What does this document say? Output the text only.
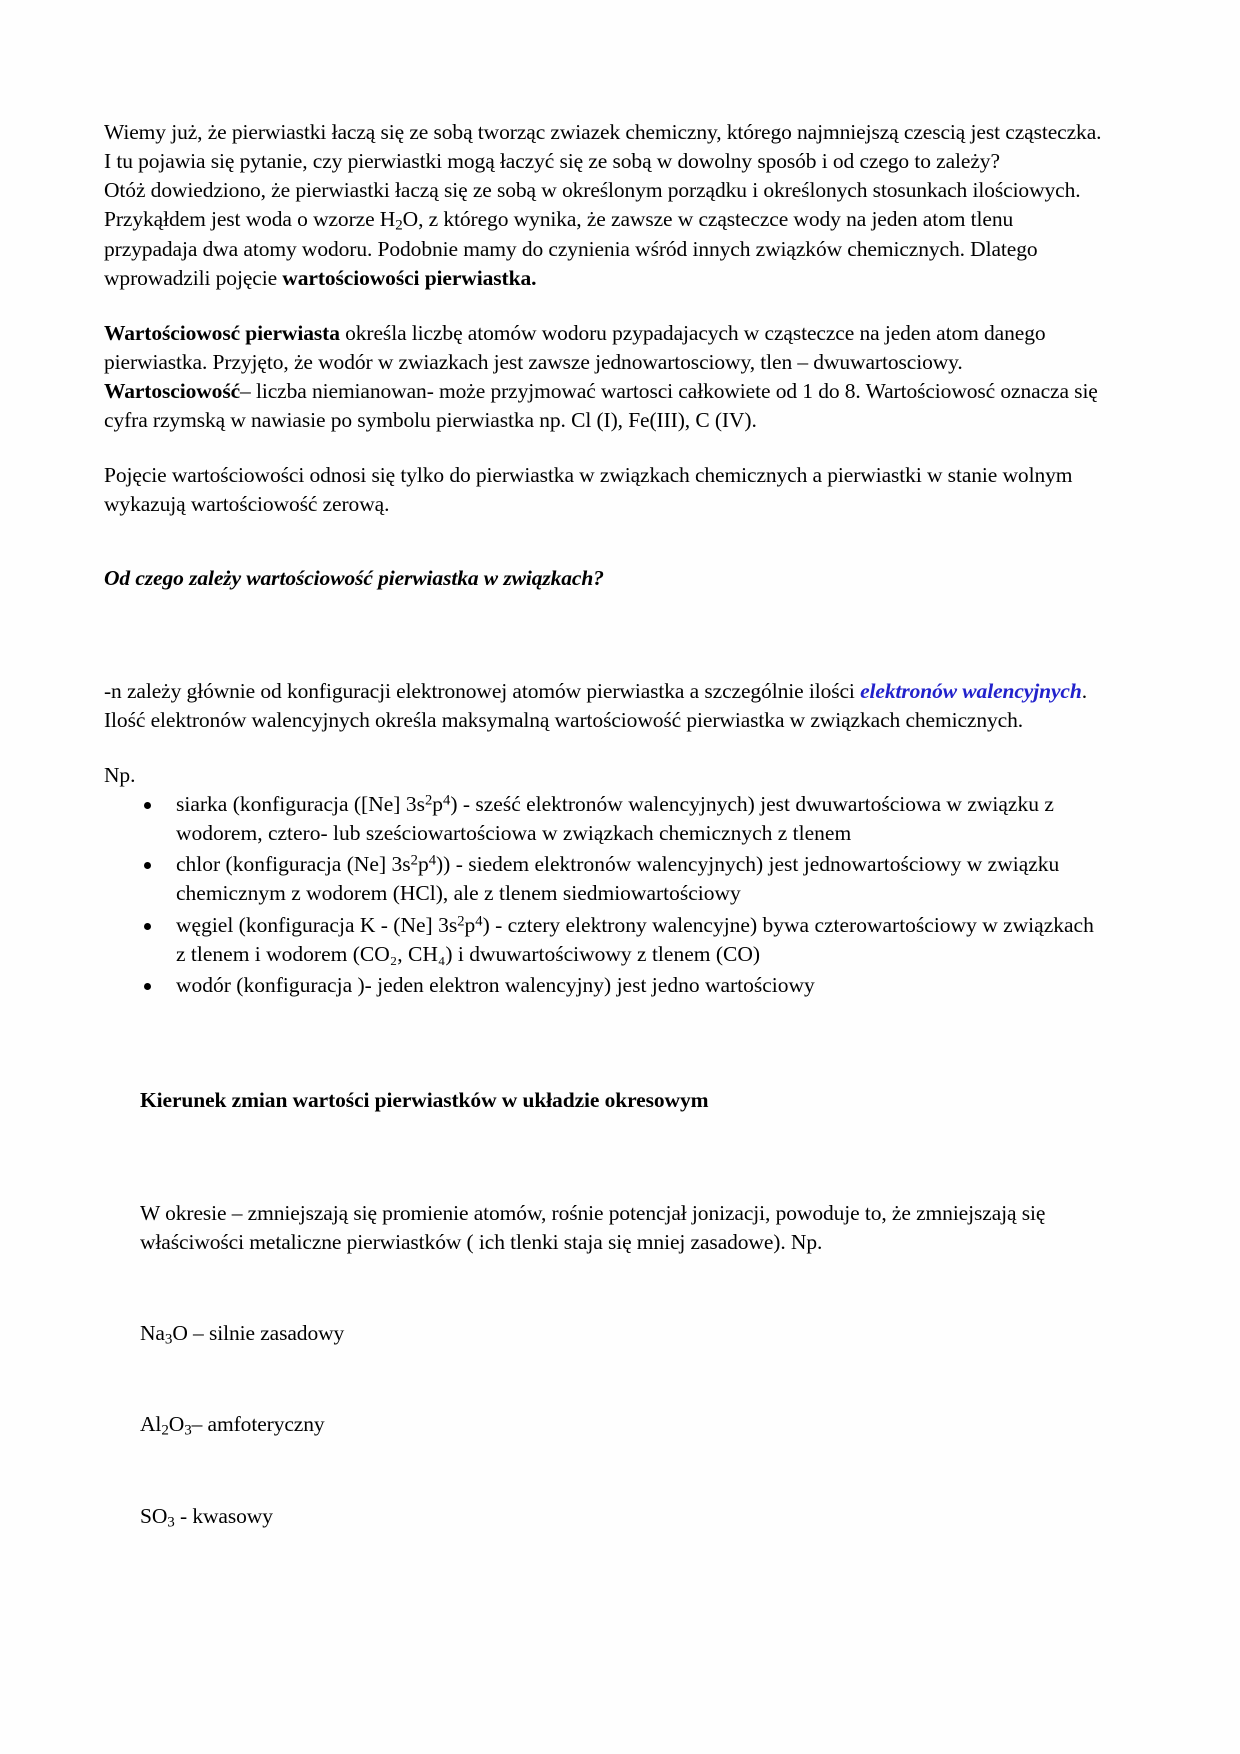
Wiemy już, że pierwiastki łaczą się ze sobą tworząc zwiazek chemiczny, którego najmniejszą czescią jest cząsteczka. I tu pojawia się pytanie, czy pierwiastki mogą łaczyć się ze sobą w dowolny sposób i od czego to zależy?

Otóż dowiedziono, że pierwiastki łaczą się ze sobą w określonym porządku i określonych stosunkach ilościowych. Przykąłdem jest woda o wzorze $H_2O$, z którego wynika, że zawsze w cząsteczce wody na jeden atom tlenu przypadaja dwa atomy wodoru. Podobnie mamy do czynienia wśród innych związków chemicznych. Dlatego wprowadzili pojęcie wartościowości pierwiastka.

Wartościowosć pierwiasta określa liczbę atomów wodoru pzypadajacych w cząsteczce na jeden atom danego pierwiastka. Przyjęto, że wodór w zwiazkach jest zawsze jednowartosciowy, tlen – dwuwartosciowy.

Wartosciowość– liczba niemianowan- może przyjmować wartosci całkowiete od 1 do 8. Wartościowosć oznacza się cyfra rzymską w nawiasie po symbolu pierwiastka np. Cl (I), Fe(III), C (IV).

Pojęcie wartościowości odnosi się tylko do pierwiastka w związkach chemicznych a pierwiastki w stanie wolnym wykazują wartościowość zerową.

Od czego zależy wartościowość pierwiastka w związkach?

-n zależy głównie od konfiguracji elektronowej atomów pierwiastka a szczególnie ilości elektronów walencyjnych. Ilość elektronów walencyjnych określa maksymalną wartościowość pierwiastka w związkach chemicznych.

Np.

siarka (konfiguracja ([Ne] $3s^2p^4$) - sześć elektronów walencyjnych) jest dwuwartościowa w związku z wodorem, cztero- lub sześciowartościowa w związkach chemicznych z tlenem
chlor (konfiguracja (Ne] $3s^2p^4$)) - siedem elektronów walencyjnych) jest jednowartościowy w związku chemicznym z wodorem (HCl), ale z tlenem siedmiowartościowy
węgiel (konfiguracja K - (Ne] $3s^2p^4$) - cztery elektrony walencyjne) bywa czterowartościowy w związkach z tlenem i wodorem (CO₂, CH₄) i dwuwartościwowy z tlenem (CO)
wodór (konfiguracja )- jeden elektron walencyjny) jest jedno wartościowy

Kierunek zmian wartości pierwiastków w układzie okresowym

W okresie – zmniejszają się promienie atomów, rośnie potencjał jonizacji, powoduje to, że zmniejszają się właściwości metaliczne pierwiastków ( ich tlenki staja się mniej zasadowe). Np.

$Na_3O$ – silnie zasadowy

$Al_2O_3-$ amfoteryczny

$SO_3$ - kwasowy
